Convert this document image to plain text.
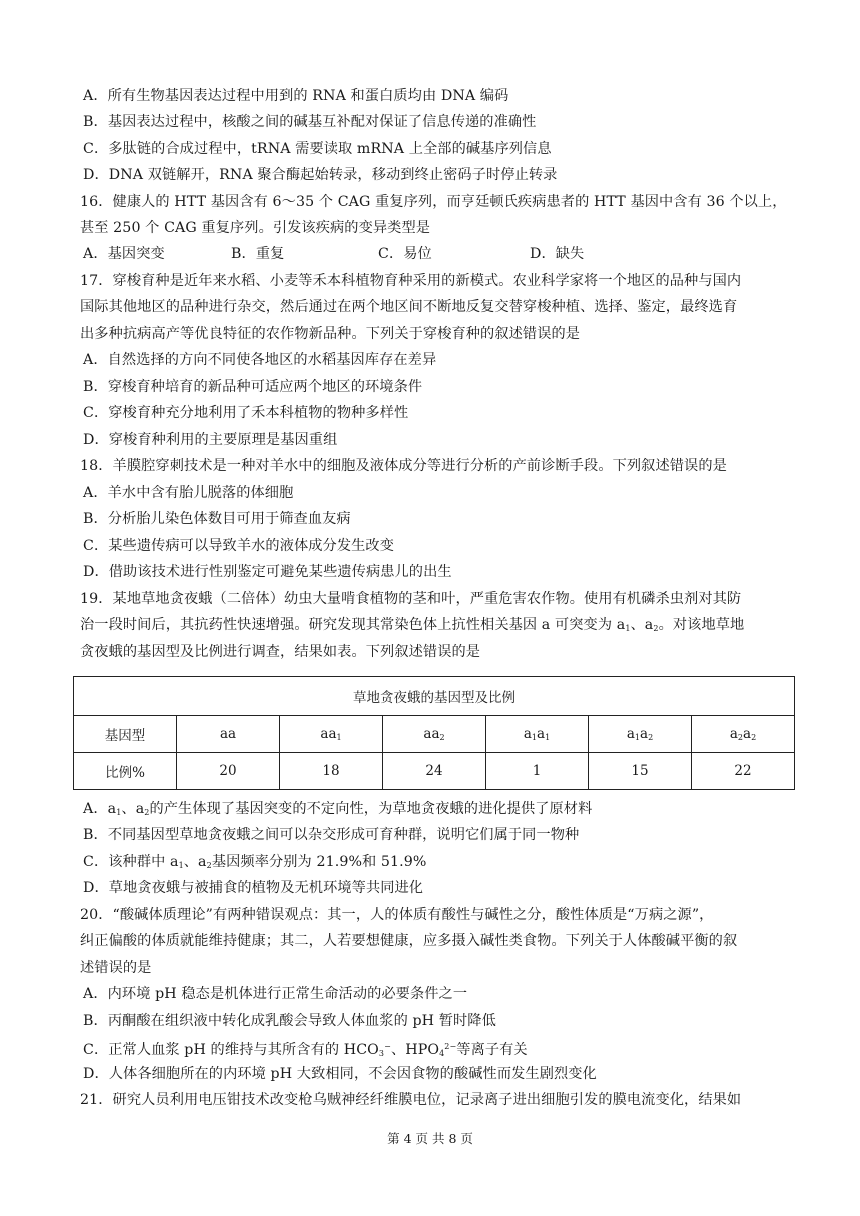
A．所有生物基因表达过程中用到的 RNA 和蛋白质均由 DNA 编码
B．基因表达过程中，核酸之间的碱基互补配对保证了信息传递的准确性
C．多肽链的合成过程中，tRNA 需要读取 mRNA 上全部的碱基序列信息
D．DNA 双链解开，RNA 聚合酶起始转录，移动到终止密码子时停止转录
16．健康人的 HTT 基因含有 6～35 个 CAG 重复序列，而亨廷顿氏疾病患者的 HTT 基因中含有 36 个以上，
甚至 250 个 CAG 重复序列。引发该疾病的变异类型是
A．基因突变	B．重复	C．易位	D．缺失
17．穿梭育种是近年来水稻、小麦等禾本科植物育种采用的新模式。农业科学家将一个地区的品种与国内
国际其他地区的品种进行杂交，然后通过在两个地区间不断地反复交替穿梭种植、选择、鉴定，最终选育
出多种抗病高产等优良特征的农作物新品种。下列关于穿梭育种的叙述错误的是
A．自然选择的方向不同使各地区的水稻基因库存在差异
B．穿梭育种培育的新品种可适应两个地区的环境条件
C．穿梭育种充分地利用了禾本科植物的物种多样性
D．穿梭育种利用的主要原理是基因重组
18．羊膜腔穿刺技术是一种对羊水中的细胞及液体成分等进行分析的产前诊断手段。下列叙述错误的是
A．羊水中含有胎儿脱落的体细胞
B．分析胎儿染色体数目可用于筛查血友病
C．某些遗传病可以导致羊水的液体成分发生改变
D．借助该技术进行性别鉴定可避免某些遗传病患儿的出生
19．某地草地贪夜蛾（二倍体）幼虫大量啃食植物的茎和叶，严重危害农作物。使用有机磷杀虫剂对其防
治一段时间后，其抗药性快速增强。研究发现其常染色体上抗性相关基因 a 可突变为 $a_1$、$a_2$。对该地草地
贪夜蛾的基因型及比例进行调查，结果如表。下列叙述错误的是
草地贪夜蛾的基因型及比例						
基因型	aa	$aa_1$	$aa_2$	$a_1a_1$	$a_1a_2$	$a_2a_2$
比例%	20	18	24	1	15	22
A．$a_1$、$a_2$的产生体现了基因突变的不定向性，为草地贪夜蛾的进化提供了原材料
B．不同基因型草地贪夜蛾之间可以杂交形成可育种群，说明它们属于同一物种
C．该种群中 $a_1$、$a_2$基因频率分别为 21.9%和 51.9%
D．草地贪夜蛾与被捕食的植物及无机环境等共同进化
20．“酸碱体质理论”有两种错误观点：其一，人的体质有酸性与碱性之分，酸性体质是“万病之源”，
纠正偏酸的体质就能维持健康；其二，人若要想健康，应多摄入碱性类食物。下列关于人体酸碱平衡的叙
述错误的是
A．内环境 pH 稳态是机体进行正常生命活动的必要条件之一
B．丙酮酸在组织液中转化成乳酸会导致人体血浆的 pH 暂时降低
C．正常人血浆 pH 的维持与其所含有的 $HCO_3^-$、$HPO_4^{2-}$等离子有关
D．人体各细胞所在的内环境 pH 大致相同，不会因食物的酸碱性而发生剧烈变化
21．研究人员利用电压钳技术改变枪乌贼神经纤维膜电位，记录离子进出细胞引发的膜电流变化，结果如
第 4 页 共 8 页
